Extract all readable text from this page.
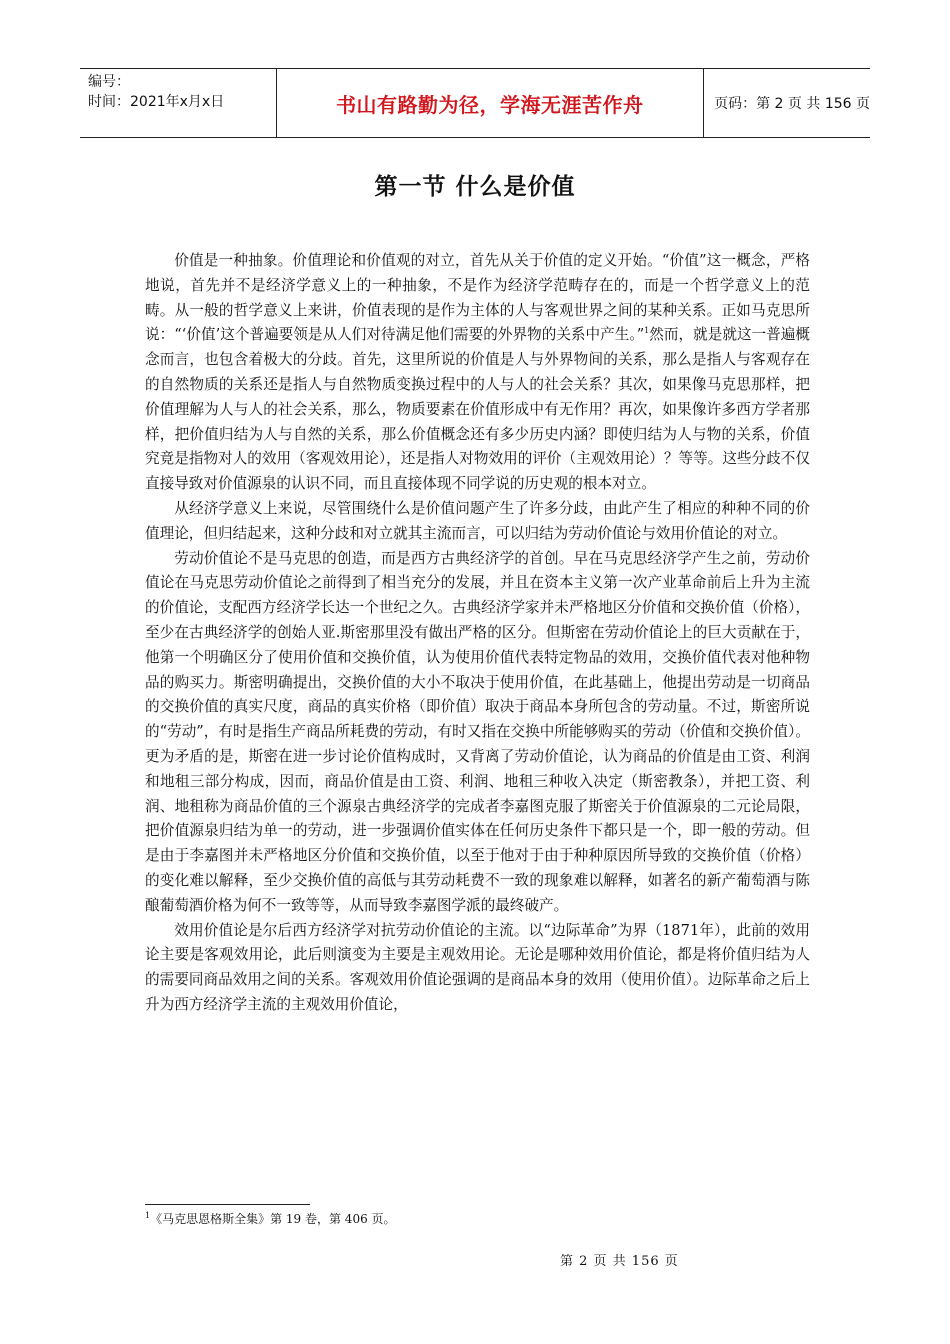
编号：
时间：2021年x月x日	书山有路勤为径，学海无涯苦作舟	页码：第 2 页 共 156 页
第一节 什么是价值

价值是一种抽象。价值理论和价值观的对立，首先从关于价值的定义开始。“价值”这一概念，严格地说，首先并不是经济学意义上的一种抽象，不是作为经济学范畴存在的，而是一个哲学意义上的范畴。从一般的哲学意义上来讲，价值表现的是作为主体的人与客观世界之间的某种关系。正如马克思所说：“‘价值’这个普遍要领是从人们对待满足他们需要的外界物的关系中产生。”$^1$然而，就是就这一普遍概念而言，也包含着极大的分歧。首先，这里所说的价值是人与外界物间的关系，那么是指人与客观存在的自然物质的关系还是指人与自然物质变换过程中的人与人的社会关系？其次，如果像马克思那样，把价值理解为人与人的社会关系，那么，物质要素在价值形成中有无作用？再次，如果像许多西方学者那样，把价值归结为人与自然的关系，那么价值概念还有多少历史内涵？即使归结为人与物的关系，价值究竟是指物对人的效用（客观效用论），还是指人对物效用的评价（主观效用论）？等等。这些分歧不仅直接导致对价值源泉的认识不同，而且直接体现不同学说的历史观的根本对立。

从经济学意义上来说，尽管围绕什么是价值问题产生了许多分歧，由此产生了相应的种种不同的价值理论，但归结起来，这种分歧和对立就其主流而言，可以归结为劳动价值论与效用价值论的对立。

劳动价值论不是马克思的创造，而是西方古典经济学的首创。早在马克思经济学产生之前，劳动价值论在马克思劳动价值论之前得到了相当充分的发展，并且在资本主义第一次产业革命前后上升为主流的价值论，支配西方经济学长达一个世纪之久。古典经济学家并未严格地区分价值和交换价值（价格），至少在古典经济学的创始人亚.斯密那里没有做出严格的区分。但斯密在劳动价值论上的巨大贡献在于，他第一个明确区分了使用价值和交换价值，认为使用价值代表特定物品的效用，交换价值代表对他种物品的购买力。斯密明确提出，交换价值的大小不取决于使用价值，在此基础上，他提出劳动是一切商品的交换价值的真实尺度，商品的真实价格（即价值）取决于商品本身所包含的劳动量。不过，斯密所说的“劳动”，有时是指生产商品所耗费的劳动，有时又指在交换中所能够购买的劳动（价值和交换价值）。更为矛盾的是，斯密在进一步讨论价值构成时，又背离了劳动价值论，认为商品的价值是由工资、利润和地租三部分构成，因而，商品价值是由工资、利润、地租三种收入决定（斯密教条），并把工资、利润、地租称为商品价值的三个源泉古典经济学的完成者李嘉图克服了斯密关于价值源泉的二元论局限，把价值源泉归结为单一的劳动，进一步强调价值实体在任何历史条件下都只是一个，即一般的劳动。但是由于李嘉图并未严格地区分价值和交换价值，以至于他对于由于种种原因所导致的交换价值（价格）的变化难以解释，至少交换价值的高低与其劳动耗费不一致的现象难以解释，如著名的新产葡萄酒与陈酿葡萄酒价格为何不一致等等，从而导致李嘉图学派的最终破产。

效用价值论是尔后西方经济学对抗劳动价值论的主流。以“边际革命”为界（1871年），此前的效用论主要是客观效用论，此后则演变为主要是主观效用论。无论是哪种效用价值论，都是将价值归结为人的需要同商品效用之间的关系。客观效用价值论强调的是商品本身的效用（使用价值）。边际革命之后上升为西方经济学主流的主观效用价值论，

$^1$《马克思恩格斯全集》第 19 卷，第 406 页。
第 2 页 共 156 页
